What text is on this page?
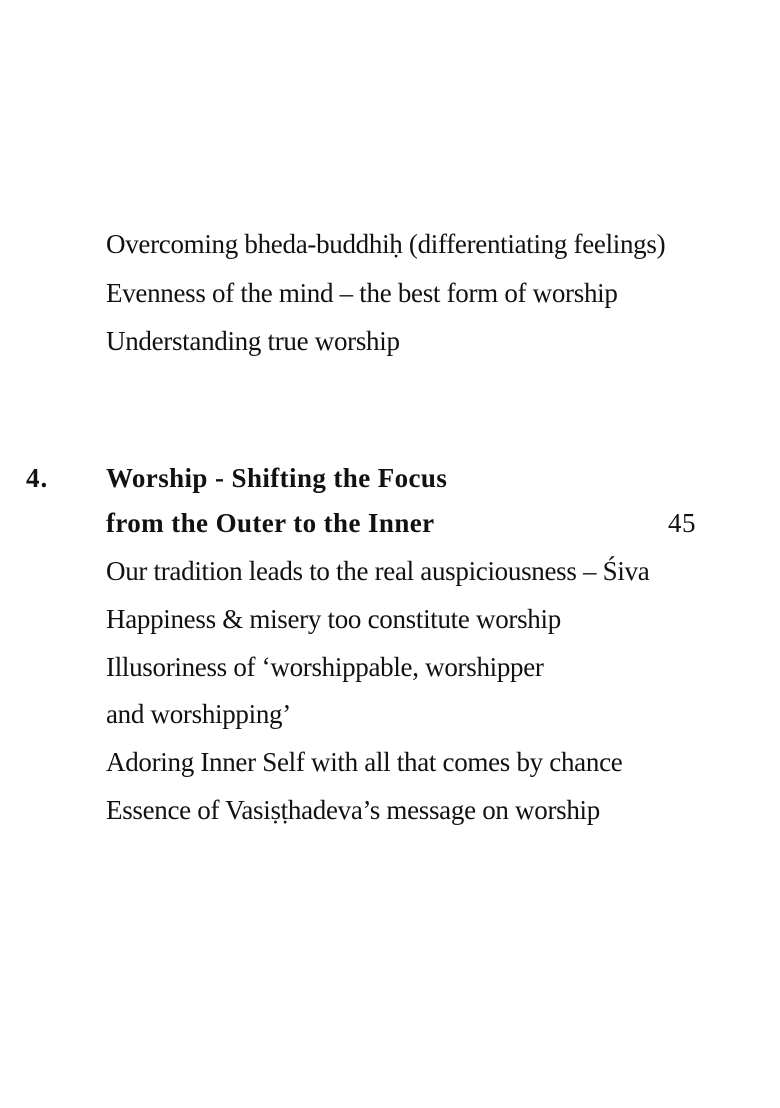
Overcoming bheda-buddhiḥ (differentiating feelings)
Evenness of the mind – the best form of worship
Understanding true worship
4. Worship - Shifting the Focus
from the Outer to the Inner	45
Our tradition leads to the real auspiciousness – Śiva
Happiness & misery too constitute worship
Illusoriness of ‘worshippable, worshipper
and worshipping’
Adoring Inner Self with all that comes by chance
Essence of Vasiṣṭhadeva’s message on worship
